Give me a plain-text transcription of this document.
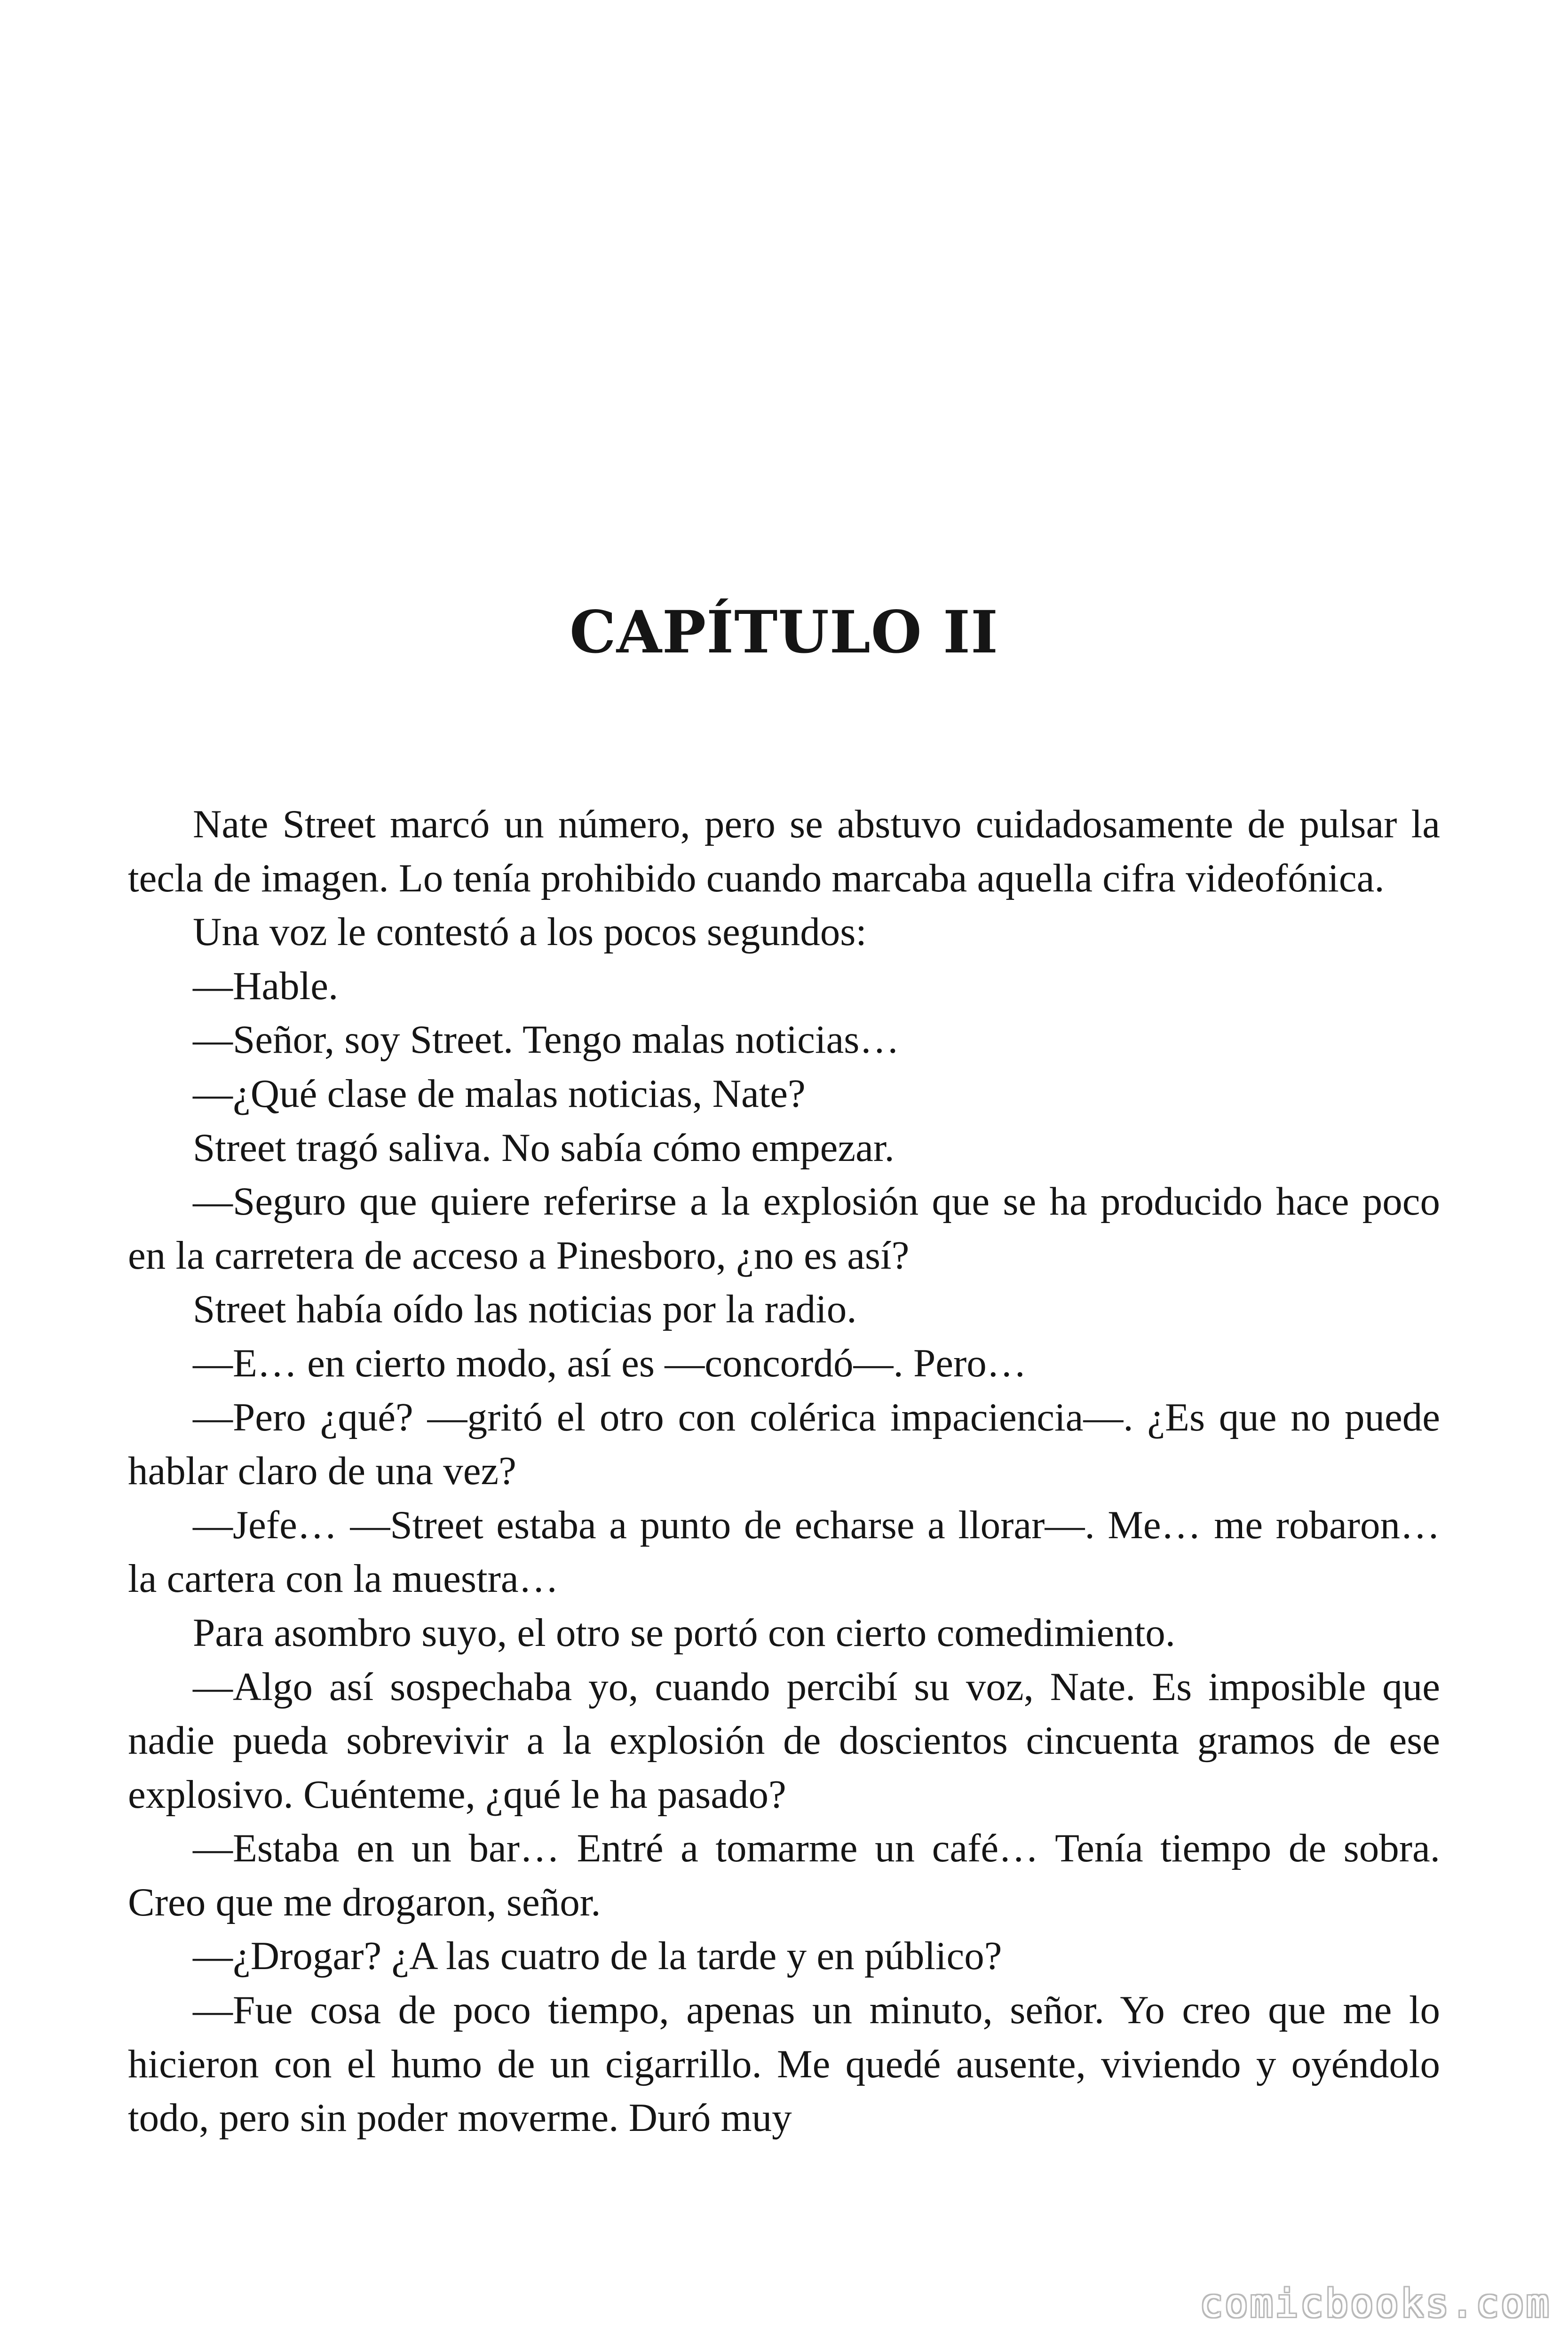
CAPÍTULO II

Nate Street marcó un número, pero se abstuvo cuidadosamente de pulsar la tecla de imagen. Lo tenía prohibido cuando marcaba aquella cifra videofónica.

Una voz le contestó a los pocos segundos:

—Hable.

—Señor, soy Street. Tengo malas noticias…

—¿Qué clase de malas noticias, Nate?

Street tragó saliva. No sabía cómo empezar.

—Seguro que quiere referirse a la explosión que se ha producido hace poco en la carretera de acceso a Pinesboro, ¿no es así?

Street había oído las noticias por la radio.

—E… en cierto modo, así es —concordó—. Pero…

—Pero ¿qué? —gritó el otro con colérica impaciencia—. ¿Es que no puede hablar claro de una vez?

—Jefe… —Street estaba a punto de echarse a llorar—. Me… me robaron… la cartera con la muestra…

Para asombro suyo, el otro se portó con cierto comedimiento.

—Algo así sospechaba yo, cuando percibí su voz, Nate. Es imposible que nadie pueda sobrevivir a la explosión de doscientos cincuenta gramos de ese explosivo. Cuénteme, ¿qué le ha pasado?

—Estaba en un bar… Entré a tomarme un café… Tenía tiempo de sobra. Creo que me drogaron, señor.

—¿Drogar? ¿A las cuatro de la tarde y en público?

—Fue cosa de poco tiempo, apenas un minuto, señor. Yo creo que me lo hicieron con el humo de un cigarrillo. Me quedé ausente, viviendo y oyéndolo todo, pero sin poder moverme. Duró muy

comicbooks.com
